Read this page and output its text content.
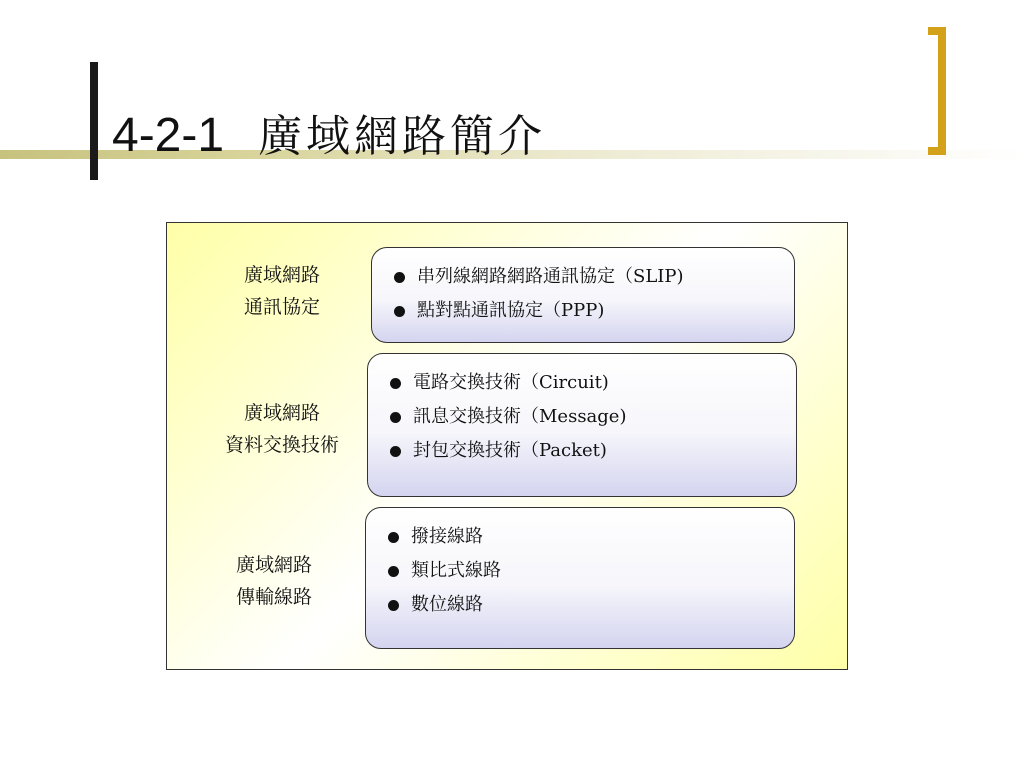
4-2-1 廣域網路簡介
廣域網路
通訊協定
串列線網路網路通訊協定（SLIP)
點對點通訊協定（PPP)
廣域網路
資料交換技術
電路交換技術（Circuit)
訊息交換技術（Message)
封包交換技術（Packet)
廣域網路
傳輸線路
撥接線路
類比式線路
數位線路
